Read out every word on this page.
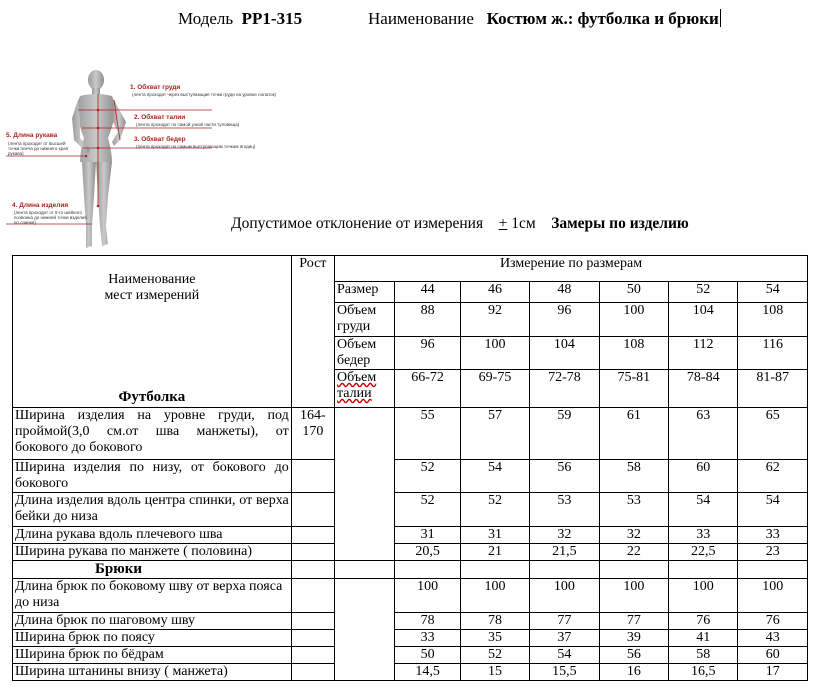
Модель РР1-315	Наименование Костюм ж.: футболка и брюки
1. Обхват груди
(лента проходит через выступающие точки груди на уровне лопаток)
2. Обхват талии
(лента проходит по самой узкой части туловища)
3. Обхват бедер
(лента проходит по самым выступающим точкам ягодиц)
5. Длина рукава
(лента проходит от высшей точки плеча до нижнего края рукава)
4. Длина изделия
(лента проходит от 6-го шейного позвонка до нижней точки изделия по спинке)	Допустимое отклонение от измерения + 1см Замеры по изделию

Наименование
мест измерений

Футболка	Рост	Измерение по размерам						
		Размер	44	46	48	50	52	54
		Объем груди	88	92	96	100	104	108
		Объем бедер	96	100	104	108	112	116
		Объем талии	66-72	69-75	72-78	75-81	78-84	81-87
Ширина изделия на уровне груди, под проймой(3,0 см.от шва манжеты), от бокового до бокового	164-170		55	57	59	61	63	65
Ширина изделия по низу, от бокового до бокового			52	54	56	58	60	62
Длина изделия вдоль центра спинки, от верха бейки до низа			52	52	53	53	54	54
Длина рукава вдоль плечевого шва			31	31	32	32	33	33
Ширина рукава по манжете ( половина)			20,5	21	21,5	22	22,5	23
Брюки								
Длина брюк по боковому шву от верха пояса до низа			100	100	100	100	100	100
Длина брюк по шаговому шву			78	78	77	77	76	76
Ширина брюк по поясу			33	35	37	39	41	43
Ширина брюк по бёдрам			50	52	54	56	58	60
Ширина штанины внизу ( манжета)			14,5	15	15,5	16	16,5	17
